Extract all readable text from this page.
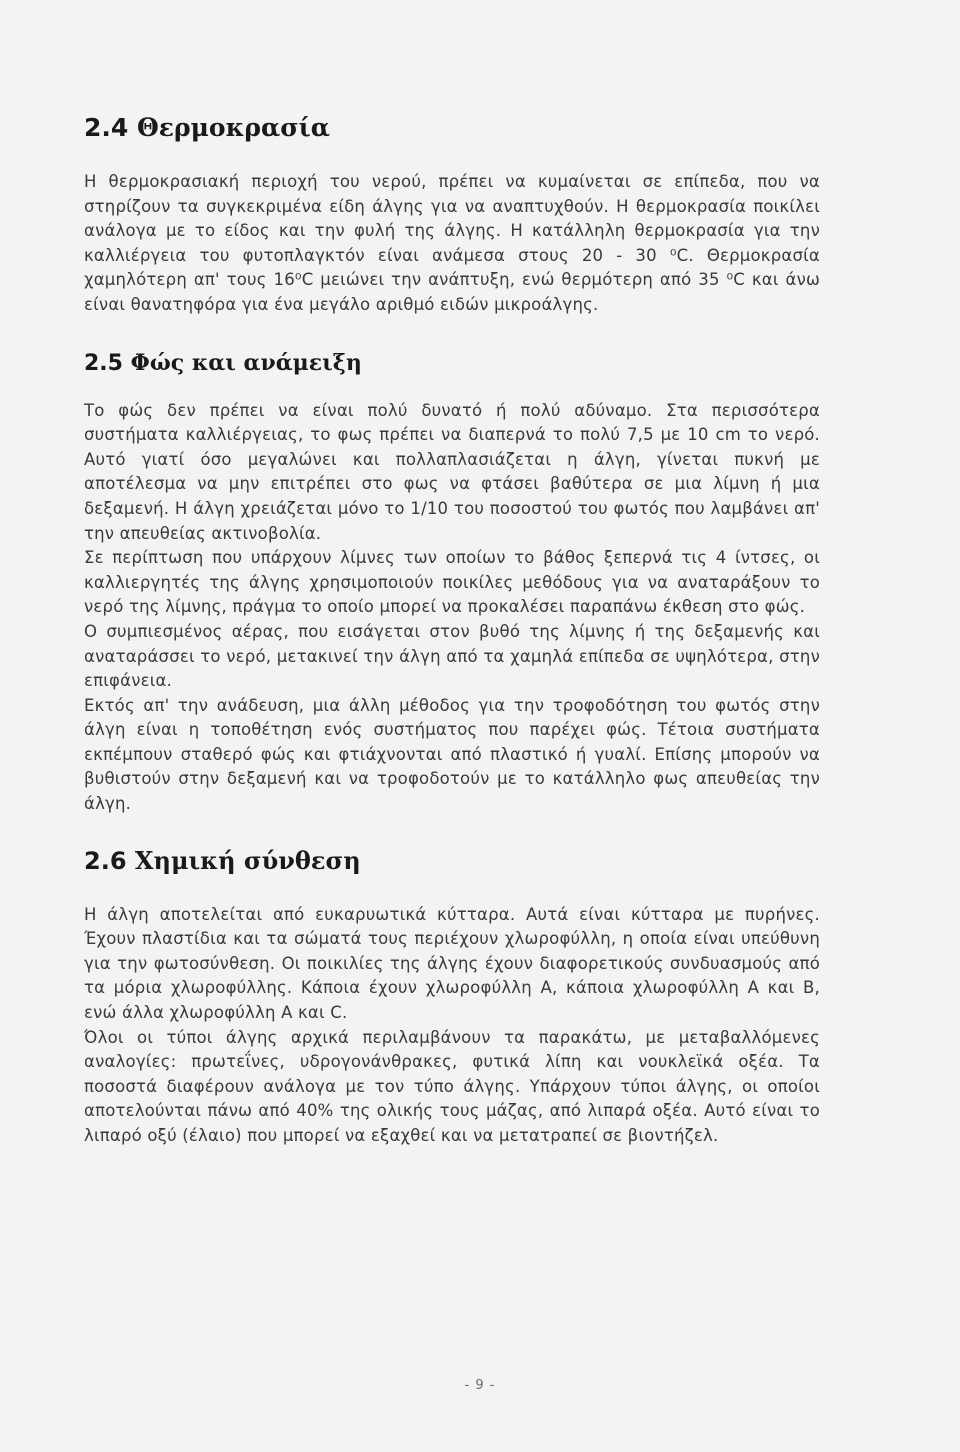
2.4 Θερμοκρασία

Η θερμοκρασιακή περιοχή του νερού, πρέπει να κυμαίνεται σε επίπεδα, που να στηρίζουν τα συγκεκριμένα είδη άλγης για να αναπτυχθούν. Η θερμοκρασία ποικίλει ανάλογα με το είδος και την φυλή της άλγης. Η κατάλληλη θερμοκρασία για την καλλιέργεια του φυτοπλαγκτόν είναι ανάμεσα στους 20 - 30 ⁰C. Θερμοκρασία χαμηλότερη απ' τους 16⁰C μειώνει την ανάπτυξη, ενώ θερμότερη από 35 ⁰C και άνω είναι θανατηφόρα για ένα μεγάλο αριθμό ειδών μικροάλγης.

2.5 Φώς και ανάμειξη

Το φώς δεν πρέπει να είναι πολύ δυνατό ή πολύ αδύναμο. Στα περισσότερα συστήματα καλλιέργειας, το φως πρέπει να διαπερνά το πολύ 7,5 με 10 cm το νερό. Αυτό γιατί όσο μεγαλώνει και πολλαπλασιάζεται η άλγη, γίνεται πυκνή με αποτέλεσμα να μην επιτρέπει στο φως να φτάσει βαθύτερα σε μια λίμνη ή μια δεξαμενή. Η άλγη χρειάζεται μόνο το 1/10 του ποσοστού του φωτός που λαμβάνει απ' την απευθείας ακτινοβολία.

Σε περίπτωση που υπάρχουν λίμνες των οποίων το βάθος ξεπερνά τις 4 ίντσες, οι καλλιεργητές της άλγης χρησιμοποιούν ποικίλες μεθόδους για να αναταράξουν το νερό της λίμνης, πράγμα το οποίο μπορεί να προκαλέσει παραπάνω έκθεση στο φώς.

Ο συμπιεσμένος αέρας, που εισάγεται στον βυθό της λίμνης ή της δεξαμενής και αναταράσσει το νερό, μετακινεί την άλγη από τα χαμηλά επίπεδα σε υψηλότερα, στην επιφάνεια.

Εκτός απ' την ανάδευση, μια άλλη μέθοδος για την τροφοδότηση του φωτός στην άλγη είναι η τοποθέτηση ενός συστήματος που παρέχει φώς. Τέτοια συστήματα εκπέμπουν σταθερό φώς και φτιάχνονται από πλαστικό ή γυαλί. Επίσης μπορούν να βυθιστούν στην δεξαμενή και να τροφοδοτούν με το κατάλληλο φως απευθείας την άλγη.

2.6 Χημική σύνθεση

Η άλγη αποτελείται από ευκαρυωτικά κύτταρα. Αυτά είναι κύτταρα με πυρήνες. Έχουν πλαστίδια και τα σώματά τους περιέχουν χλωροφύλλη, η οποία είναι υπεύθυνη για την φωτοσύνθεση. Οι ποικιλίες της άλγης έχουν διαφορετικούς συνδυασμούς από τα μόρια χλωροφύλλης. Κάποια έχουν χλωροφύλλη Α, κάποια χλωροφύλλη Α και Β, ενώ άλλα χλωροφύλλη Α και C.

Όλοι οι τύποι άλγης αρχικά περιλαμβάνουν τα παρακάτω, με μεταβαλλόμενες αναλογίες: πρωτεΐνες, υδρογονάνθρακες, φυτικά λίπη και νουκλεϊκά οξέα. Τα ποσοστά διαφέρουν ανάλογα με τον τύπο άλγης. Υπάρχουν τύποι άλγης, οι οποίοι αποτελούνται πάνω από 40% της ολικής τους μάζας, από λιπαρά οξέα. Αυτό είναι το λιπαρό οξύ (έλαιο) που μπορεί να εξαχθεί και να μετατραπεί σε βιοντήζελ.

- 9 -
